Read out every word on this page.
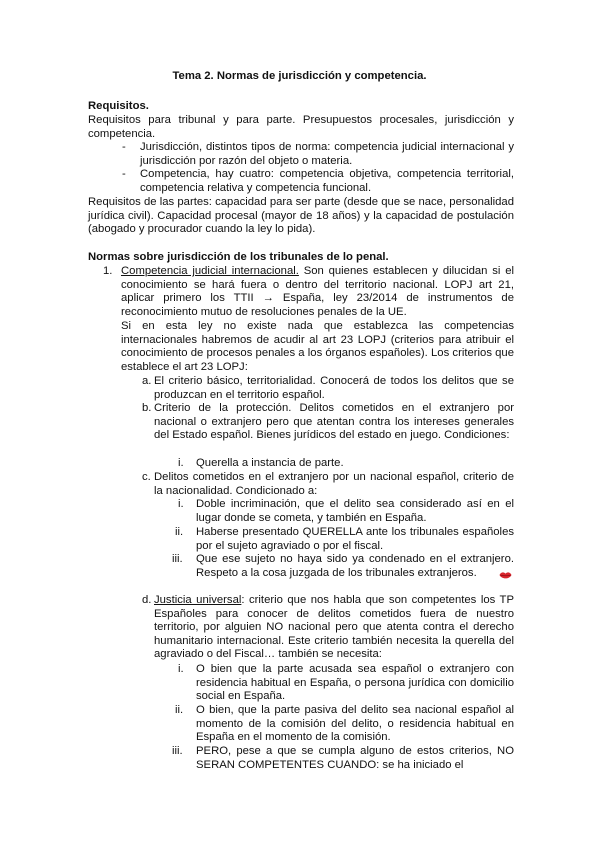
Tema 2. Normas de jurisdicción y competencia.

Requisitos.

Requisitos para tribunal y para parte. Presupuestos procesales, jurisdicción y competencia.

- Jurisdicción, distintos tipos de norma: competencia judicial internacional y jurisdicción por razón del objeto o materia.

- Competencia, hay cuatro: competencia objetiva, competencia territorial, competencia relativa y competencia funcional.

Requisitos de las partes: capacidad para ser parte (desde que se nace, personalidad jurídica civil). Capacidad procesal (mayor de 18 años) y la capacidad de postulación (abogado y procurador cuando la ley lo pida).

Normas sobre jurisdicción de los tribunales de lo penal.

1. Competencia judicial internacional. Son quienes establecen y dilucidan si el conocimiento se hará fuera o dentro del territorio nacional. LOPJ art 21, aplicar primero los TTII → España, ley 23/2014 de instrumentos de reconocimiento mutuo de resoluciones penales de la UE.

Si en esta ley no existe nada que establezca las competencias internacionales habremos de acudir al art 23 LOPJ (criterios para atribuir el conocimiento de procesos penales a los órganos españoles). Los criterios que establece el art 23 LOPJ:

a. El criterio básico, territorialidad. Conocerá de todos los delitos que se produzcan en el territorio español.

b. Criterio de la protección. Delitos cometidos en el extranjero por nacional o extranjero pero que atentan contra los intereses generales del Estado español. Bienes jurídicos del estado en juego. Condiciones:

i. Querella a instancia de parte.

c. Delitos cometidos en el extranjero por un nacional español, criterio de la nacionalidad. Condicionado a:

i. Doble incriminación, que el delito sea considerado así en el lugar donde se cometa, y también en España.

ii. Haberse presentado QUERELLA ante los tribunales españoles por el sujeto agraviado o por el fiscal.

iii. Que ese sujeto no haya sido ya condenado en el extranjero. Respeto a la cosa juzgada de los tribunales extranjeros.

d. Justicia universal: criterio que nos habla que son competentes los TP Españoles para conocer de delitos cometidos fuera de nuestro territorio, por alguien NO nacional pero que atenta contra el derecho humanitario internacional. Este criterio también necesita la querella del agraviado o del Fiscal… también se necesita:

i. O bien que la parte acusada sea español o extranjero con residencia habitual en España, o persona jurídica con domicilio social en España.

ii. O bien, que la parte pasiva del delito sea nacional español al momento de la comisión del delito, o residencia habitual en España en el momento de la comisión.

iii. PERO, pese a que se cumpla alguno de estos criterios, NO SERAN COMPETENTES CUANDO: se ha iniciado el
